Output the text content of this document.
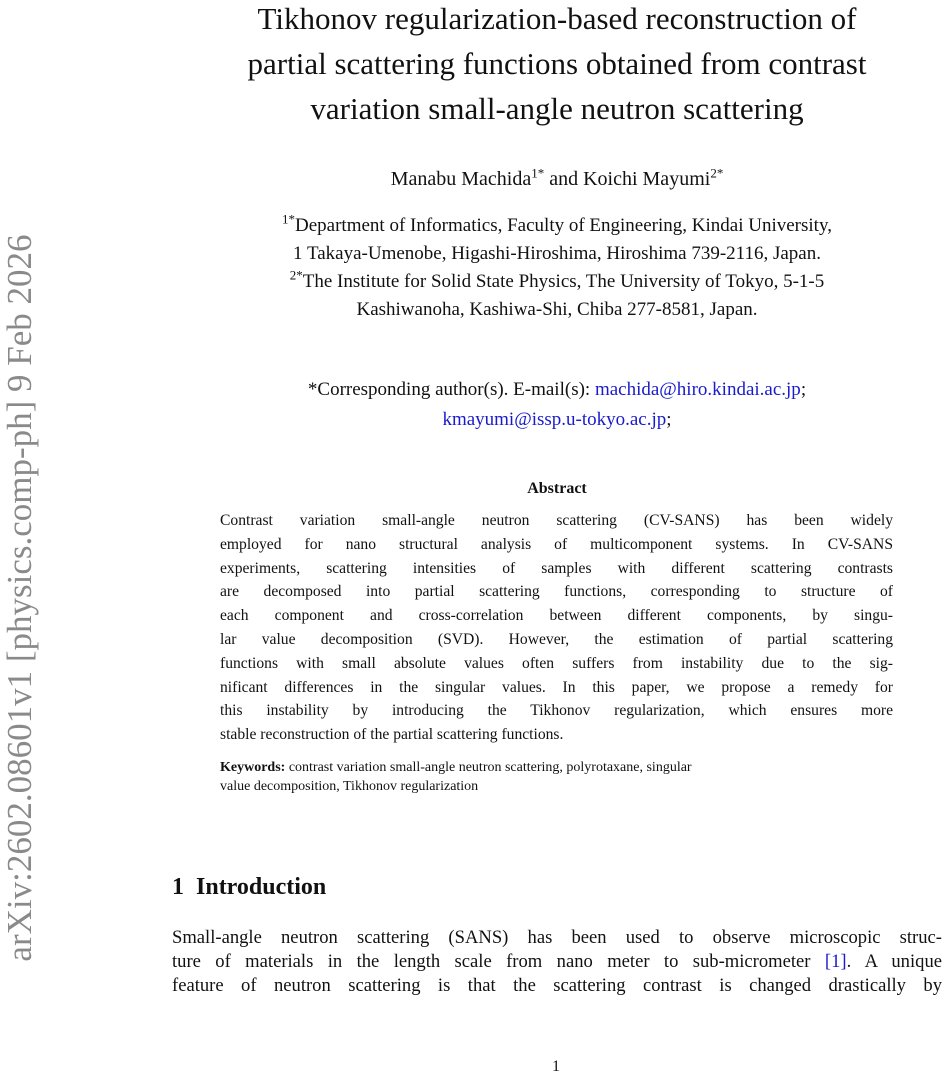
arXiv:2602.08601v1 [physics.comp-ph] 9 Feb 2026
Tikhonov regularization-based reconstruction of
partial scattering functions obtained from contrast
variation small-angle neutron scattering
Manabu Machida$^{1*}$ and Koichi Mayumi$^{2*}$
$^{1*}$Department of Informatics, Faculty of Engineering, Kindai University,
1 Takaya-Umenobe, Higashi-Hiroshima, Hiroshima 739-2116, Japan.
$^{2*}$The Institute for Solid State Physics, The University of Tokyo, 5-1-5
Kashiwanoha, Kashiwa-Shi, Chiba 277-8581, Japan.
*Corresponding author(s). E-mail(s): machida@hiro.kindai.ac.jp;
kmayumi@issp.u-tokyo.ac.jp;
Abstract
Contrast variation small-angle neutron scattering (CV-SANS) has been widely
employed for nano structural analysis of multicomponent systems. In CV-SANS
experiments, scattering intensities of samples with different scattering contrasts
are decomposed into partial scattering functions, corresponding to structure of
each component and cross-correlation between different components, by singu-
lar value decomposition (SVD). However, the estimation of partial scattering
functions with small absolute values often suffers from instability due to the sig-
nificant differences in the singular values. In this paper, we propose a remedy for
this instability by introducing the Tikhonov regularization, which ensures more
stable reconstruction of the partial scattering functions.
Keywords: contrast variation small-angle neutron scattering, polyrotaxane, singular
value decomposition, Tikhonov regularization
1 Introduction
Small-angle neutron scattering (SANS) has been used to observe microscopic struc-
ture of materials in the length scale from nano meter to sub-micrometer [1]. A unique
feature of neutron scattering is that the scattering contrast is changed drastically by
1
